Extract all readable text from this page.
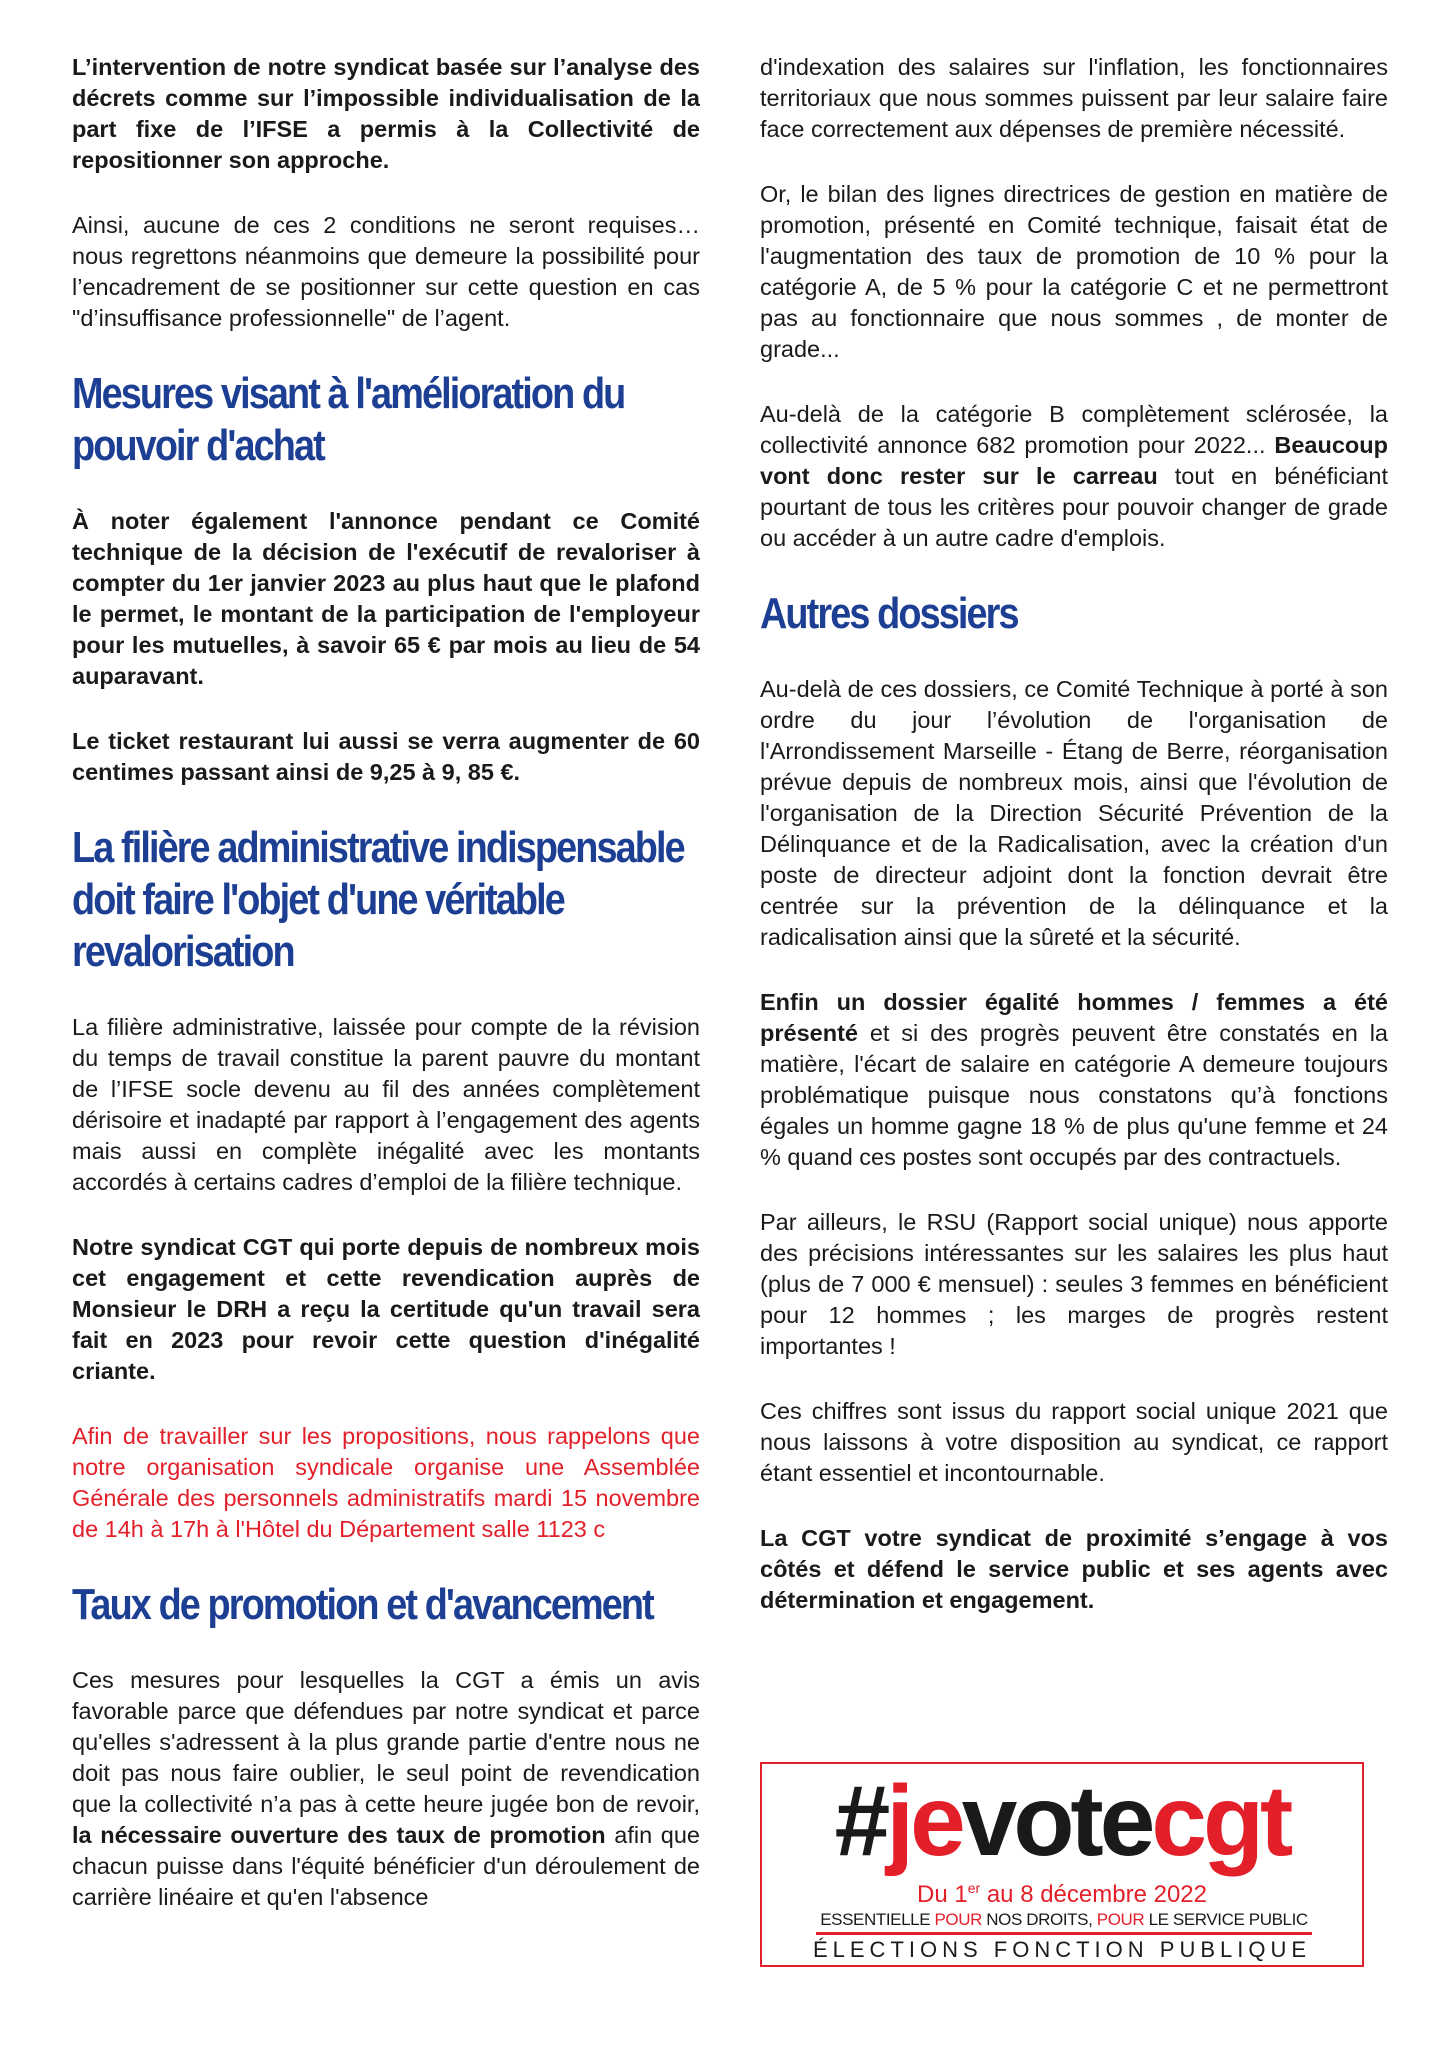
L’intervention de notre syndicat basée sur l’analyse des décrets comme sur l’impossible individualisation de la part fixe de l’IFSE a permis à la Collectivité de repositionner son approche.

Ainsi, aucune de ces 2 conditions ne seront requises… nous regrettons néanmoins que demeure la possibilité pour l’encadrement de se positionner sur cette question en cas "d’insuffisance professionnelle" de l’agent.

Mesures visant à l'amélioration du pouvoir d'achat

À noter également l'annonce pendant ce Comité technique de la décision de l'exécutif de revaloriser à compter du 1er janvier 2023 au plus haut que le plafond le permet, le montant de la participation de l'employeur pour les mutuelles, à savoir 65 € par mois au lieu de 54 auparavant.

Le ticket restaurant lui aussi se verra augmenter de 60 centimes passant ainsi de 9,25 à 9, 85 €.

La filière administrative indispensable doit faire l'objet d'une véritable revalorisation

La filière administrative, laissée pour compte de la révision du temps de travail constitue la parent pauvre du montant de l’IFSE socle devenu au fil des années complètement dérisoire et inadapté par rapport à l’engagement des agents mais aussi en complète inégalité avec les montants accordés à certains cadres d’emploi de la filière technique.

Notre syndicat CGT qui porte depuis de nombreux mois cet engagement et cette revendication auprès de Monsieur le DRH a reçu la certitude qu'un travail sera fait en 2023 pour revoir cette question d'inégalité criante.

Afin de travailler sur les propositions, nous rappelons que notre organisation syndicale organise une Assemblée Générale des personnels administratifs mardi 15 novembre de 14h à 17h à l'Hôtel du Département salle 1123 c

Taux de promotion et d'avancement

Ces mesures pour lesquelles la CGT a émis un avis favorable parce que défendues par notre syndicat et parce qu'elles s'adressent à la plus grande partie d'entre nous ne doit pas nous faire oublier, le seul point de revendication que la collectivité n’a pas à cette heure jugée bon de revoir, la nécessaire ouverture des taux de promotion afin que chacun puisse dans l'équité bénéficier d'un déroulement de carrière linéaire et qu'en l'absence

d'indexation des salaires sur l'inflation, les fonctionnaires territoriaux que nous sommes puissent par leur salaire faire face correctement aux dépenses de première nécessité.

Or, le bilan des lignes directrices de gestion en matière de promotion, présenté en Comité technique, faisait état de l'augmentation des taux de promotion de 10 % pour la catégorie A, de 5 % pour la catégorie C et ne permettront pas au fonctionnaire que nous sommes , de monter de grade...

Au-delà de la catégorie B complètement sclérosée, la collectivité annonce 682 promotion pour 2022... Beaucoup vont donc rester sur le carreau tout en bénéficiant pourtant de tous les critères pour pouvoir changer de grade ou accéder à un autre cadre d'emplois.

Autres dossiers

Au-delà de ces dossiers, ce Comité Technique à porté à son ordre du jour l’évolution de l'organisation de l'Arrondissement Marseille - Étang de Berre, réorganisation prévue depuis de nombreux mois, ainsi que l'évolution de l'organisation de la Direction Sécurité Prévention de la Délinquance et de la Radicalisation, avec la création d'un poste de directeur adjoint dont la fonction devrait être centrée sur la prévention de la délinquance et la radicalisation ainsi que la sûreté et la sécurité.

Enfin un dossier égalité hommes / femmes a été présenté et si des progrès peuvent être constatés en la matière, l'écart de salaire en catégorie A demeure toujours problématique puisque nous constatons qu’à fonctions égales un homme gagne 18 % de plus qu'une femme et 24 % quand ces postes sont occupés par des contractuels.

Par ailleurs, le RSU (Rapport social unique) nous apporte des précisions intéressantes sur les salaires les plus haut (plus de 7 000 € mensuel) : seules 3 femmes en bénéficient pour 12 hommes ; les marges de progrès restent importantes !

Ces chiffres sont issus du rapport social unique 2021 que nous laissons à votre disposition au syndicat, ce rapport étant essentiel et incontournable.

La CGT votre syndicat de proximité s’engage à vos côtés et défend le service public et ses agents avec détermination et engagement.

#jevotecgt
Du 1er au 8 décembre 2022
ESSENTIELLE POUR NOS DROITS, POUR LE SERVICE PUBLIC
ÉLECTIONS FONCTION PUBLIQUE
